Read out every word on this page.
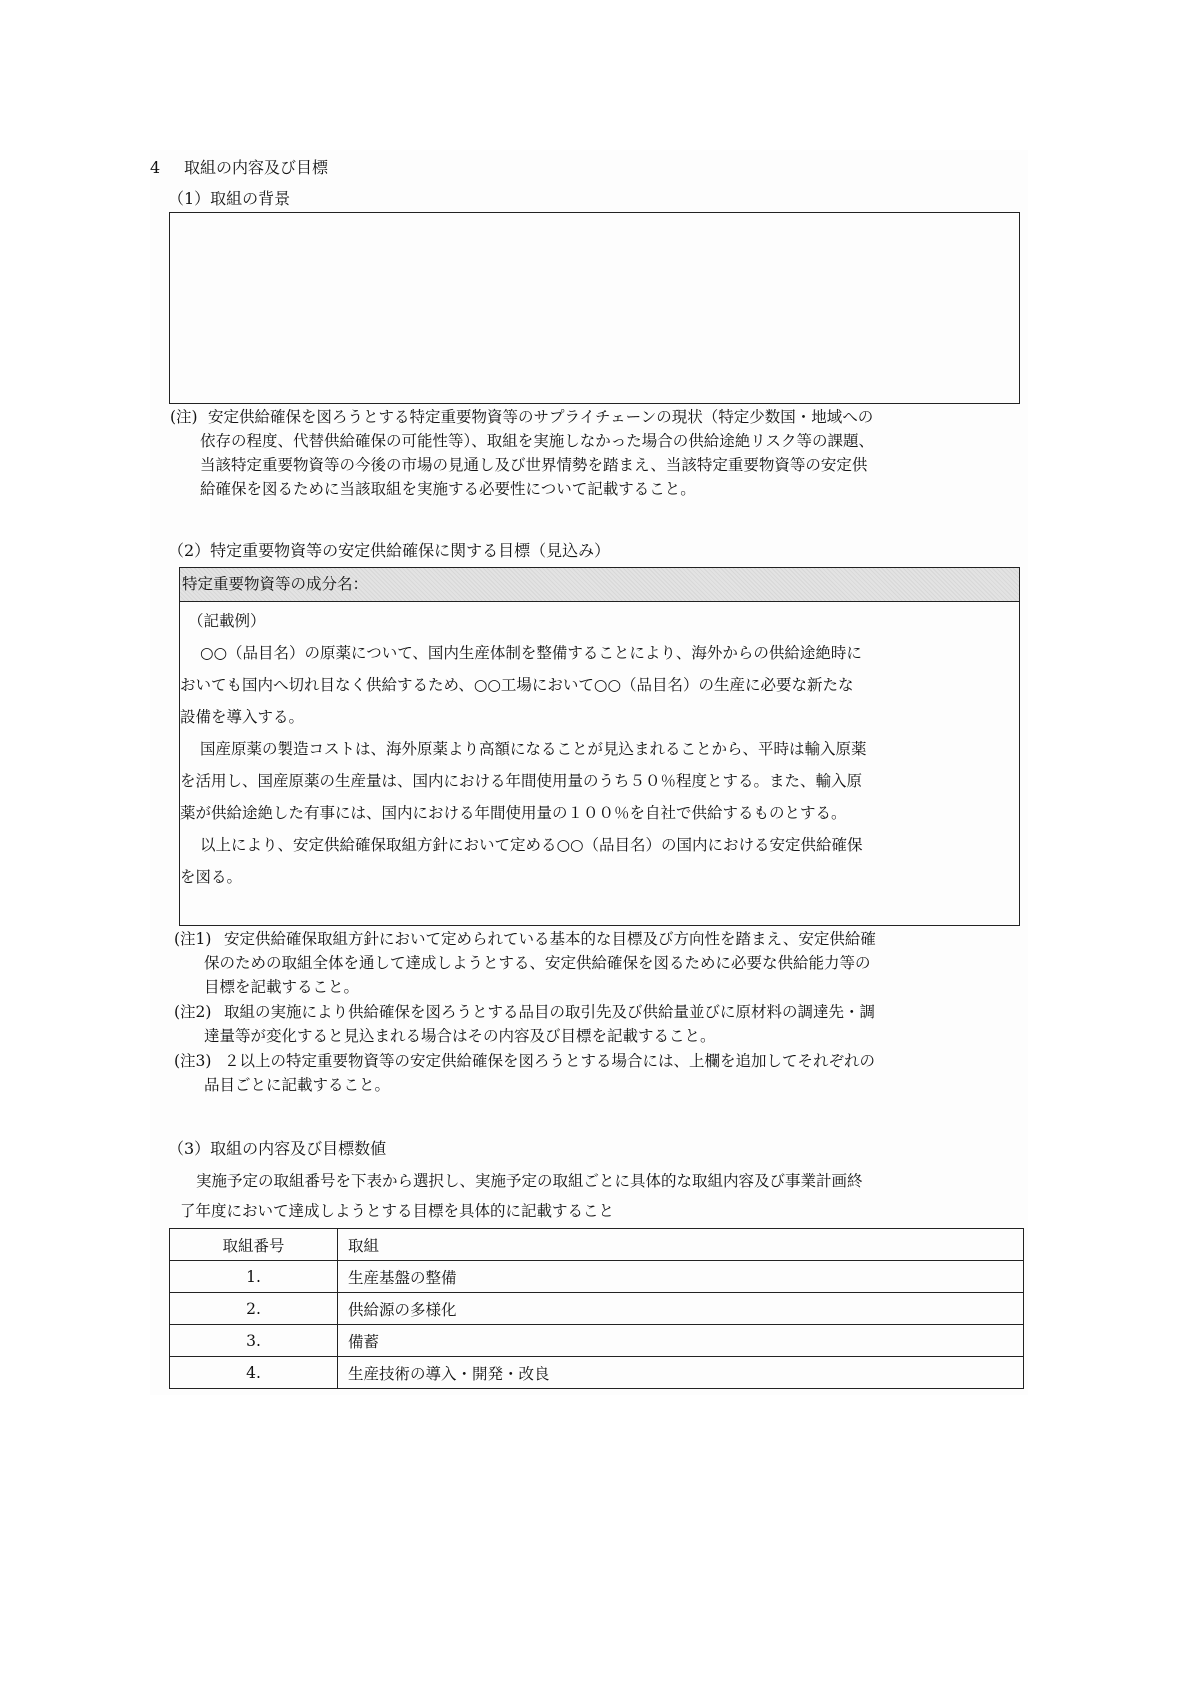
4 取組の内容及び目標
（1）取組の背景
(注) 安定供給確保を図ろうとする特定重要物資等のサプライチェーンの現状（特定少数国・地域への
依存の程度、代替供給確保の可能性等）、取組を実施しなかった場合の供給途絶リスク等の課題、
当該特定重要物資等の今後の市場の見通し及び世界情勢を踏まえ、当該特定重要物資等の安定供
給確保を図るために当該取組を実施する必要性について記載すること。
（2）特定重要物資等の安定供給確保に関する目標（見込み）
特定重要物資等の成分名：
（記載例）
○○（品目名）の原薬について、国内生産体制を整備することにより、海外からの供給途絶時に
おいても国内へ切れ目なく供給するため、○○工場において○○（品目名）の生産に必要な新たな
設備を導入する。
国産原薬の製造コストは、海外原薬より高額になることが見込まれることから、平時は輸入原薬
を活用し、国産原薬の生産量は、国内における年間使用量のうち５０％程度とする。また、輸入原
薬が供給途絶した有事には、国内における年間使用量の１００％を自社で供給するものとする。
以上により、安定供給確保取組方針において定める○○（品目名）の国内における安定供給確保
を図る。
(注1) 安定供給確保取組方針において定められている基本的な目標及び方向性を踏まえ、安定供給確
保のための取組全体を通して達成しようとする、安定供給確保を図るために必要な供給能力等の
目標を記載すること。
(注2) 取組の実施により供給確保を図ろうとする品目の取引先及び供給量並びに原材料の調達先・調
達量等が変化すると見込まれる場合はその内容及び目標を記載すること。
(注3) ２以上の特定重要物資等の安定供給確保を図ろうとする場合には、上欄を追加してそれぞれの
品目ごとに記載すること。
（3）取組の内容及び目標数値
実施予定の取組番号を下表から選択し、実施予定の取組ごとに具体的な取組内容及び事業計画終
了年度において達成しようとする目標を具体的に記載すること
取組番号	取組
1.	生産基盤の整備
2.	供給源の多様化
3.	備蓄
4.	生産技術の導入・開発・改良
